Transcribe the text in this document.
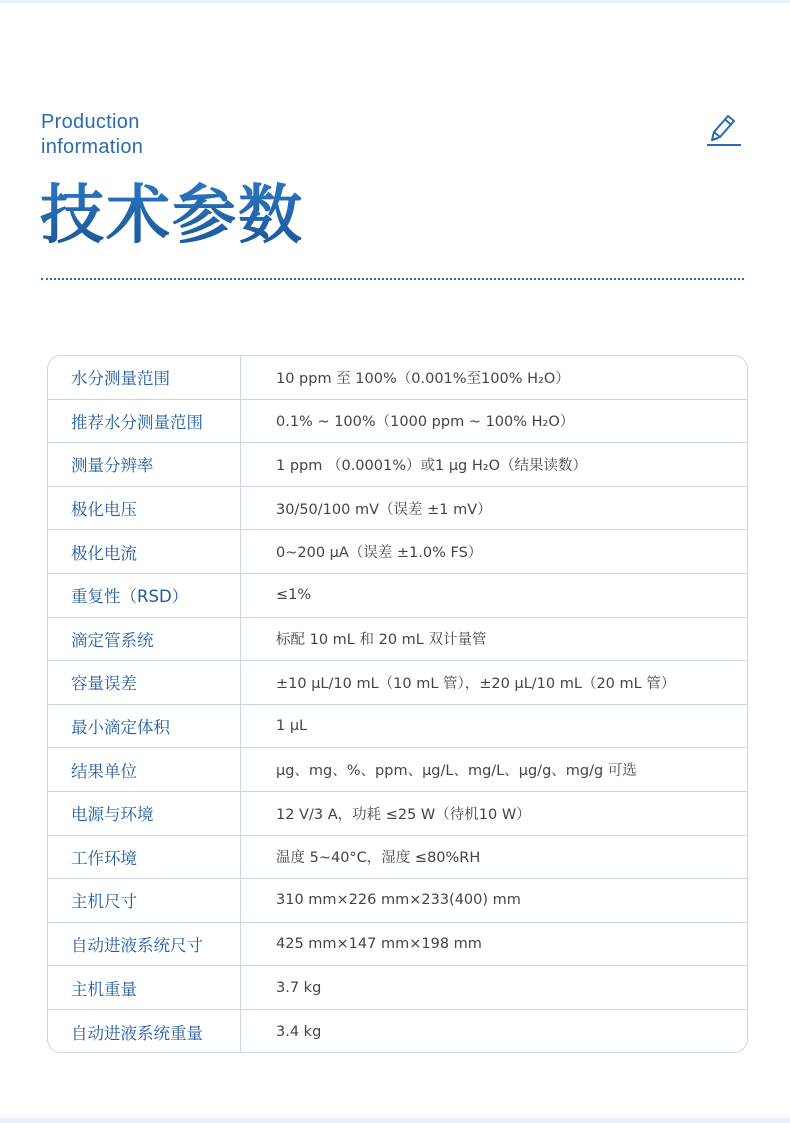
Production
information
技术参数
水分测量范围	10 ppm 至 100%（0.001%至100% H₂O）
推荐水分测量范围	0.1% ~ 100%（1000 ppm ~ 100% H₂O）
测量分辨率	1 ppm （0.0001%）或1 μg H₂O（结果读数）
极化电压	30/50/100 mV（误差 ±1 mV）
极化电流	0~200 μA（误差 ±1.0% FS）
重复性（RSD）	≤1%
滴定管系统	标配 10 mL 和 20 mL 双计量管
容量误差	±10 μL/10 mL（10 mL 管），±20 μL/10 mL（20 mL 管）
最小滴定体积	1 μL
结果单位	μg、mg、%、ppm、μg/L、mg/L、μg/g、mg/g 可选
电源与环境	12 V/3 A，功耗 ≤25 W（待机10 W）
工作环境	温度 5~40°C，湿度 ≤80%RH
主机尺寸	310 mm×226 mm×233(400) mm
自动进液系统尺寸	425 mm×147 mm×198 mm
主机重量	3.7 kg
自动进液系统重量	3.4 kg
